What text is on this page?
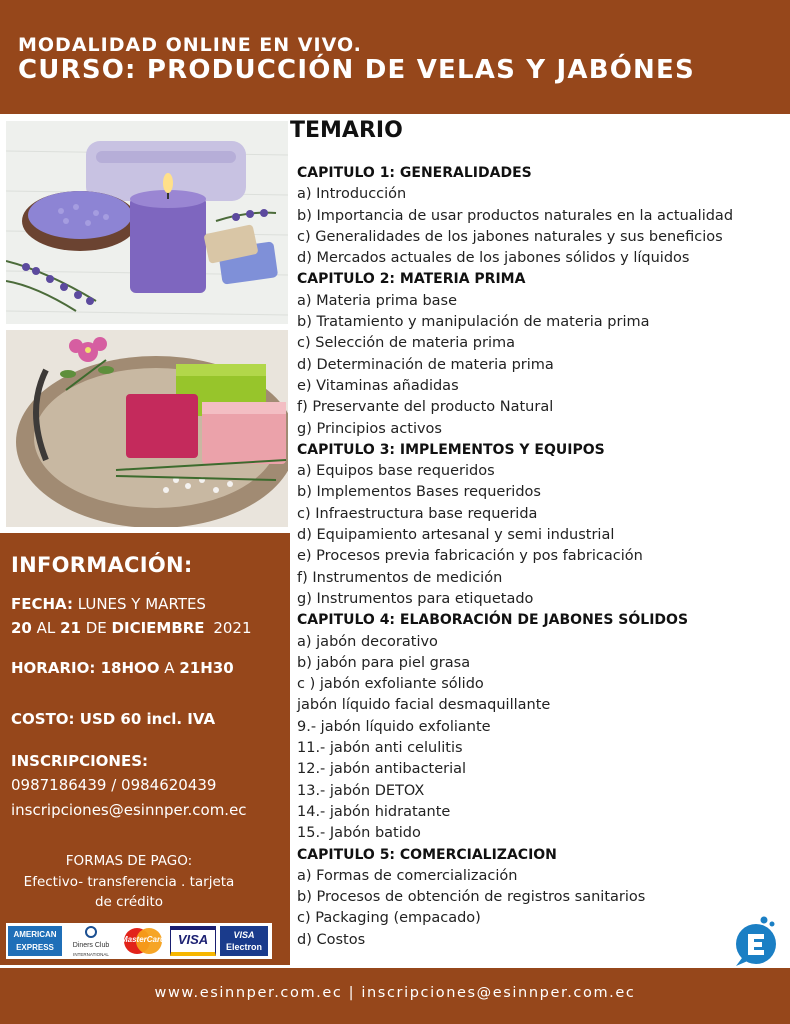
MODALIDAD ONLINE EN VIVO.
CURSO: PRODUCCIÓN DE VELAS Y JABÓNES
INFORMACIÓN:
FECHA: LUNES Y MARTES
20 AL 21 DE DICIEMBRE 2021
HORARIO: 18HOO A 21H30
COSTO: USD 60 incl. IVA
INSCRIPCIONES:
0987186439 / 0984620439
inscripciones@esinnper.com.ec
FORMAS DE PAGO:
Efectivo- transferencia . tarjeta
de crédito
AMERICAN
EXPRESS	Diners Club
INTERNATIONAL
MasterCard VISA	VISA
Electron
TEMARIO
CAPITULO 1: GENERALIDADES
a) Introducción
b) Importancia de usar productos naturales en la actualidad
c) Generalidades de los jabones naturales y sus beneficios
d) Mercados actuales de los jabones sólidos y líquidos
CAPITULO 2: MATERIA PRIMA
a) Materia prima base
b) Tratamiento y manipulación de materia prima
c) Selección de materia prima
d) Determinación de materia prima
e) Vitaminas añadidas
f) Preservante del producto Natural
g) Principios activos
CAPITULO 3: IMPLEMENTOS Y EQUIPOS
a) Equipos base requeridos
b) Implementos Bases requeridos
c) Infraestructura base requerida
d) Equipamiento artesanal y semi industrial
e) Procesos previa fabricación y pos fabricación
f) Instrumentos de medición
g) Instrumentos para etiquetado
CAPITULO 4: ELABORACIÓN DE JABONES SÓLIDOS
a) jabón decorativo
b) jabón para piel grasa
c ) jabón exfoliante sólido
jabón líquido facial desmaquillante
9.- jabón líquido exfoliante
11.- jabón anti celulitis
12.- jabón antibacterial
13.- jabón DETOX
14.- jabón hidratante
15.- Jabón batido
CAPITULO 5: COMERCIALIZACION
a) Formas de comercialización
b) Procesos de obtención de registros sanitarios
c) Packaging (empacado)
d) Costos
www.esinnper.com.ec | inscripciones@esinnper.com.ec
